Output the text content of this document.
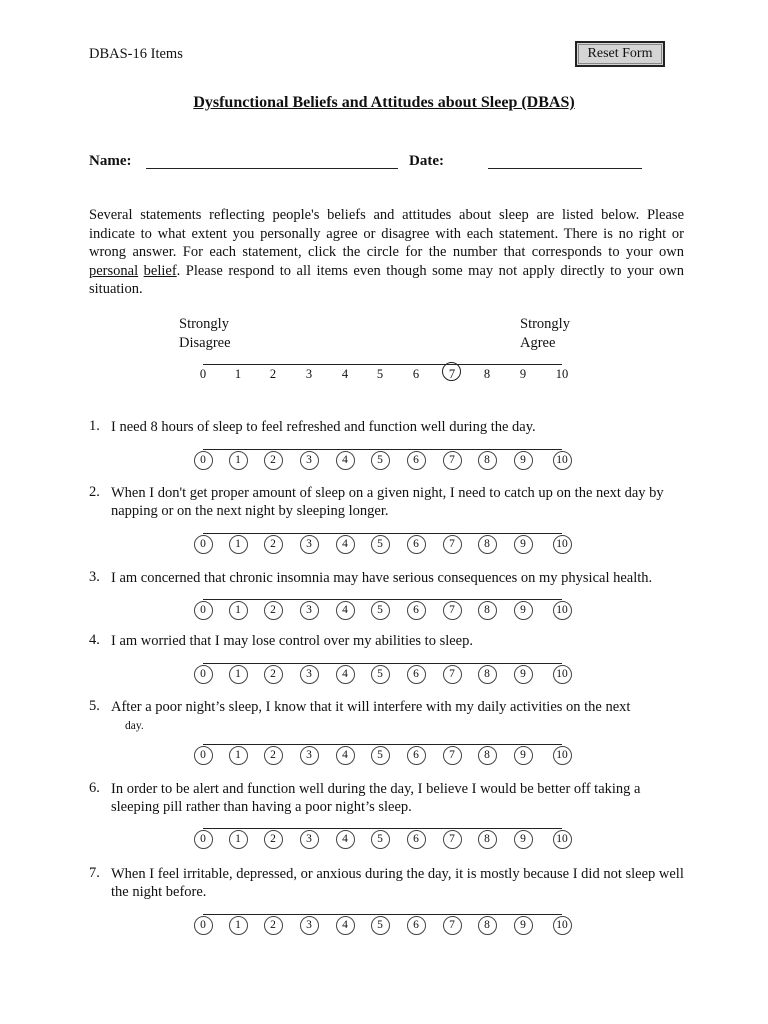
DBAS-16 Items	Reset Form
Dysfunctional Beliefs and Attitudes about Sleep (DBAS)
Name:	Date:
Several statements reflecting people's beliefs and attitudes about sleep are listed below. Please indicate to what extent you personally agree or disagree with each statement. There is no right or wrong answer. For each statement, click the circle for the number that corresponds to your own personal belief. Please respond to all items even though some may not apply directly to your own situation.
Strongly
Disagree
Strongly
Agree
0	1	2	3	4	5	6	7	8	9	10
1. I need 8 hours of sleep to feel refreshed and function well during the day.
0	1	2	3	4	5	6	7	8	9	10
2. When I don't get proper amount of sleep on a given night, I need to catch up on the next day by napping or on the next night by sleeping longer.
0	1	2	3	4	5	6	7	8	9	10
3. I am concerned that chronic insomnia may have serious consequences on my physical health.
0	1	2	3	4	5	6	7	8	9	10
4. I am worried that I may lose control over my abilities to sleep.
0	1	2	3	4	5	6	7	8	9	10
5. After a poor night’s sleep, I know that it will interfere with my daily activities on the next
day.
0	1	2	3	4	5	6	7	8	9	10
6. In order to be alert and function well during the day, I believe I would be better off taking a sleeping pill rather than having a poor night’s sleep.
0	1	2	3	4	5	6	7	8	9	10
7. When I feel irritable, depressed, or anxious during the day, it is mostly because I did not sleep well the night before.
0	1	2	3	4	5	6	7	8	9	10
